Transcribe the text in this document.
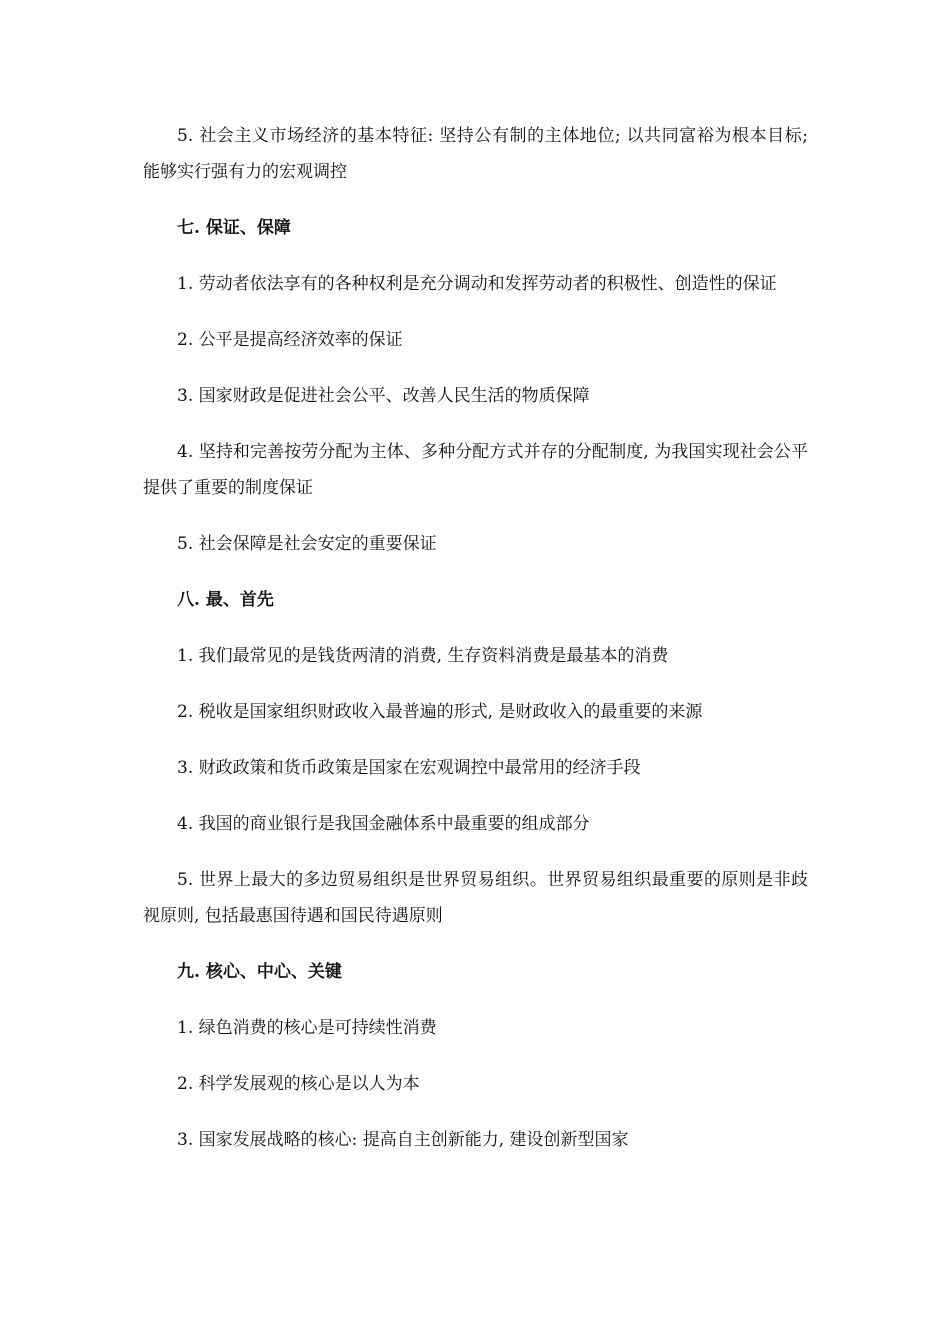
5. 社会主义市场经济的基本特征: 坚持公有制的主体地位; 以共同富裕为根本目标; 能够实行强有力的宏观调控

七. 保证、保障

1. 劳动者依法享有的各种权利是充分调动和发挥劳动者的积极性、创造性的保证

2. 公平是提高经济效率的保证

3. 国家财政是促进社会公平、改善人民生活的物质保障

4. 坚持和完善按劳分配为主体、多种分配方式并存的分配制度, 为我国实现社会公平提供了重要的制度保证

5. 社会保障是社会安定的重要保证

八. 最、首先

1. 我们最常见的是钱货两清的消费, 生存资料消费是最基本的消费

2. 税收是国家组织财政收入最普遍的形式, 是财政收入的最重要的来源

3. 财政政策和货币政策是国家在宏观调控中最常用的经济手段

4. 我国的商业银行是我国金融体系中最重要的组成部分

5. 世界上最大的多边贸易组织是世界贸易组织。世界贸易组织最重要的原则是非歧视原则, 包括最惠国待遇和国民待遇原则

九. 核心、中心、关键

1. 绿色消费的核心是可持续性消费

2. 科学发展观的核心是以人为本

3. 国家发展战略的核心: 提高自主创新能力, 建设创新型国家
